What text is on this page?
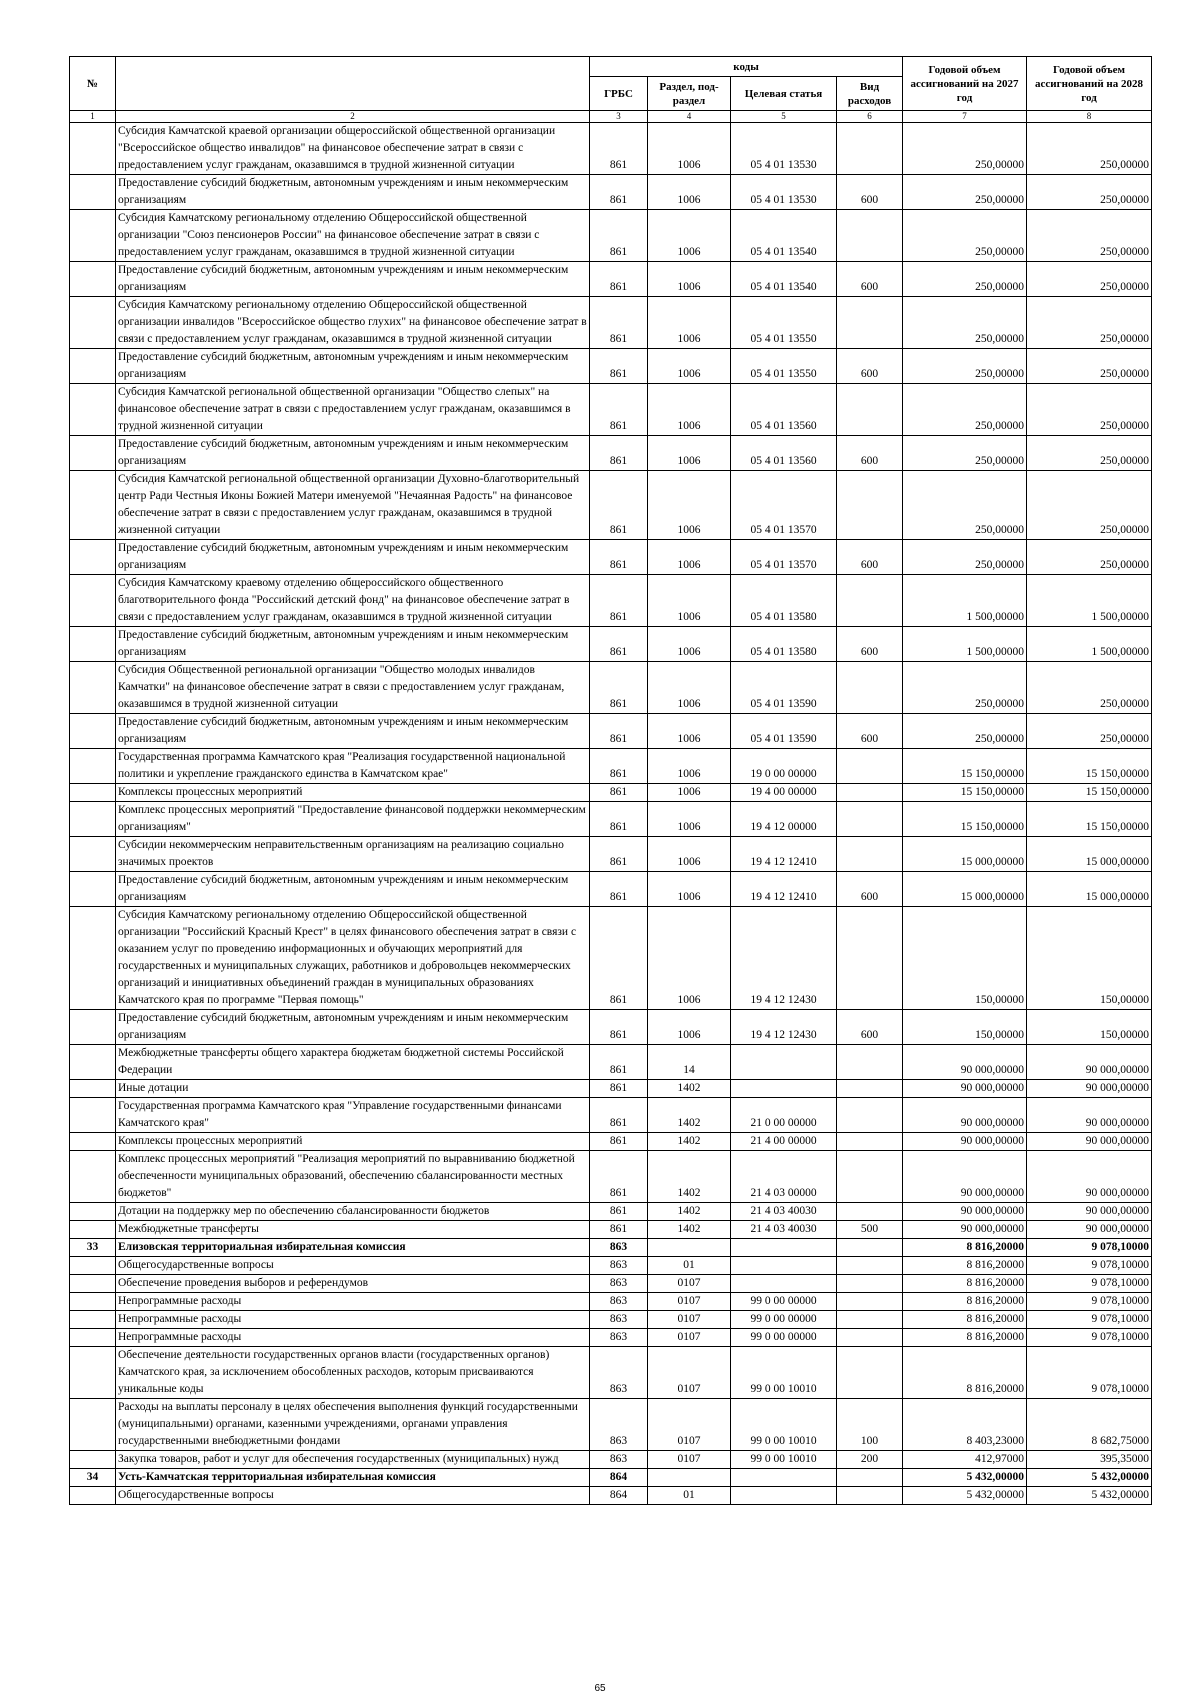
№		коды				Годовой объем ассигнований на 2027 год	Годовой объем ассигнований на 2028 год
		ГРБС	Раздел, под-раздел	Целевая статья	Вид расходов		
1	2	3	4	5	6	7	8
	Субсидия Камчатской краевой организации общероссийской общественной организации "Всероссийское общество инвалидов" на финансовое обеспечение затрат в связи с предоставлением услуг гражданам, оказавшимся в трудной жизненной ситуации	861	1006	05 4 01 13530		250,00000	250,00000
	Предоставление субсидий бюджетным, автономным учреждениям и иным некоммерческим организациям	861	1006	05 4 01 13530	600	250,00000	250,00000
	Субсидия Камчатскому региональному отделению Общероссийской общественной организации "Союз пенсионеров России" на финансовое обеспечение затрат в связи с предоставлением услуг гражданам, оказавшимся в трудной жизненной ситуации	861	1006	05 4 01 13540		250,00000	250,00000
	Предоставление субсидий бюджетным, автономным учреждениям и иным некоммерческим организациям	861	1006	05 4 01 13540	600	250,00000	250,00000
	Субсидия Камчатскому региональному отделению Общероссийской общественной организации инвалидов "Всероссийское общество глухих" на финансовое обеспечение затрат в связи с предоставлением услуг гражданам, оказавшимся в трудной жизненной ситуации	861	1006	05 4 01 13550		250,00000	250,00000
	Предоставление субсидий бюджетным, автономным учреждениям и иным некоммерческим организациям	861	1006	05 4 01 13550	600	250,00000	250,00000
	Субсидия Камчатской региональной общественной организации "Общество слепых" на финансовое обеспечение затрат в связи с предоставлением услуг гражданам, оказавшимся в трудной жизненной ситуации	861	1006	05 4 01 13560		250,00000	250,00000
	Предоставление субсидий бюджетным, автономным учреждениям и иным некоммерческим организациям	861	1006	05 4 01 13560	600	250,00000	250,00000
	Субсидия Камчатской региональной общественной организации Духовно-благотворительный центр Ради Честныя Иконы Божией Матери именуемой "Нечаянная Радость" на финансовое обеспечение затрат в связи с предоставлением услуг гражданам, оказавшимся в трудной жизненной ситуации	861	1006	05 4 01 13570		250,00000	250,00000
	Предоставление субсидий бюджетным, автономным учреждениям и иным некоммерческим организациям	861	1006	05 4 01 13570	600	250,00000	250,00000
	Субсидия Камчатскому краевому отделению общероссийского общественного благотворительного фонда "Российский детский фонд" на финансовое обеспечение затрат в связи с предоставлением услуг гражданам, оказавшимся в трудной жизненной ситуации	861	1006	05 4 01 13580		1 500,00000	1 500,00000
	Предоставление субсидий бюджетным, автономным учреждениям и иным некоммерческим организациям	861	1006	05 4 01 13580	600	1 500,00000	1 500,00000
	Субсидия Общественной региональной организации "Общество молодых инвалидов Камчатки" на финансовое обеспечение затрат в связи с предоставлением услуг гражданам, оказавшимся в трудной жизненной ситуации	861	1006	05 4 01 13590		250,00000	250,00000
	Предоставление субсидий бюджетным, автономным учреждениям и иным некоммерческим организациям	861	1006	05 4 01 13590	600	250,00000	250,00000
	Государственная программа Камчатского края "Реализация государственной национальной политики и укрепление гражданского единства в Камчатском крае"	861	1006	19 0 00 00000		15 150,00000	15 150,00000
	Комплексы процессных мероприятий	861	1006	19 4 00 00000		15 150,00000	15 150,00000
	Комплекс процессных мероприятий "Предоставление финансовой поддержки некоммерческим организациям"	861	1006	19 4 12 00000		15 150,00000	15 150,00000
	Субсидии некоммерческим неправительственным организациям на реализацию социально значимых проектов	861	1006	19 4 12 12410		15 000,00000	15 000,00000
	Предоставление субсидий бюджетным, автономным учреждениям и иным некоммерческим организациям	861	1006	19 4 12 12410	600	15 000,00000	15 000,00000
	Субсидия Камчатскому региональному отделению Общероссийской общественной организации "Российский Красный Крест" в целях финансового обеспечения затрат в связи с оказанием услуг по проведению информационных и обучающих мероприятий для государственных и муниципальных служащих, работников и добровольцев некоммерческих организаций и инициативных объединений граждан в муниципальных образованиях Камчатского края по программе "Первая помощь"	861	1006	19 4 12 12430		150,00000	150,00000
	Предоставление субсидий бюджетным, автономным учреждениям и иным некоммерческим организациям	861	1006	19 4 12 12430	600	150,00000	150,00000
	Межбюджетные трансферты общего характера бюджетам бюджетной системы Российской Федерации	861	14			90 000,00000	90 000,00000
	Иные дотации	861	1402			90 000,00000	90 000,00000
	Государственная программа Камчатского края "Управление государственными финансами Камчатского края"	861	1402	21 0 00 00000		90 000,00000	90 000,00000
	Комплексы процессных мероприятий	861	1402	21 4 00 00000		90 000,00000	90 000,00000
	Комплекс процессных мероприятий "Реализация мероприятий по выравниванию бюджетной обеспеченности муниципальных образований, обеспечению сбалансированности местных бюджетов"	861	1402	21 4 03 00000		90 000,00000	90 000,00000
	Дотации на поддержку мер по обеспечению сбалансированности бюджетов	861	1402	21 4 03 40030		90 000,00000	90 000,00000
	Межбюджетные трансферты	861	1402	21 4 03 40030	500	90 000,00000	90 000,00000
33	Елизовская территориальная избирательная комиссия	863				8 816,20000	9 078,10000
	Общегосударственные вопросы	863	01			8 816,20000	9 078,10000
	Обеспечение проведения выборов и референдумов	863	0107			8 816,20000	9 078,10000
	Непрограммные расходы	863	0107	99 0 00 00000		8 816,20000	9 078,10000
	Непрограммные расходы	863	0107	99 0 00 00000		8 816,20000	9 078,10000
	Непрограммные расходы	863	0107	99 0 00 00000		8 816,20000	9 078,10000
	Обеспечение деятельности государственных органов власти (государственных органов) Камчатского края, за исключением обособленных расходов, которым присваиваются уникальные коды	863	0107	99 0 00 10010		8 816,20000	9 078,10000
	Расходы на выплаты персоналу в целях обеспечения выполнения функций государственными (муниципальными) органами, казенными учреждениями, органами управления государственными внебюджетными фондами	863	0107	99 0 00 10010	100	8 403,23000	8 682,75000
	Закупка товаров, работ и услуг для обеспечения государственных (муниципальных) нужд	863	0107	99 0 00 10010	200	412,97000	395,35000
34	Усть-Камчатская территориальная избирательная комиссия	864				5 432,00000	5 432,00000
	Общегосударственные вопросы	864	01			5 432,00000	5 432,00000
65
